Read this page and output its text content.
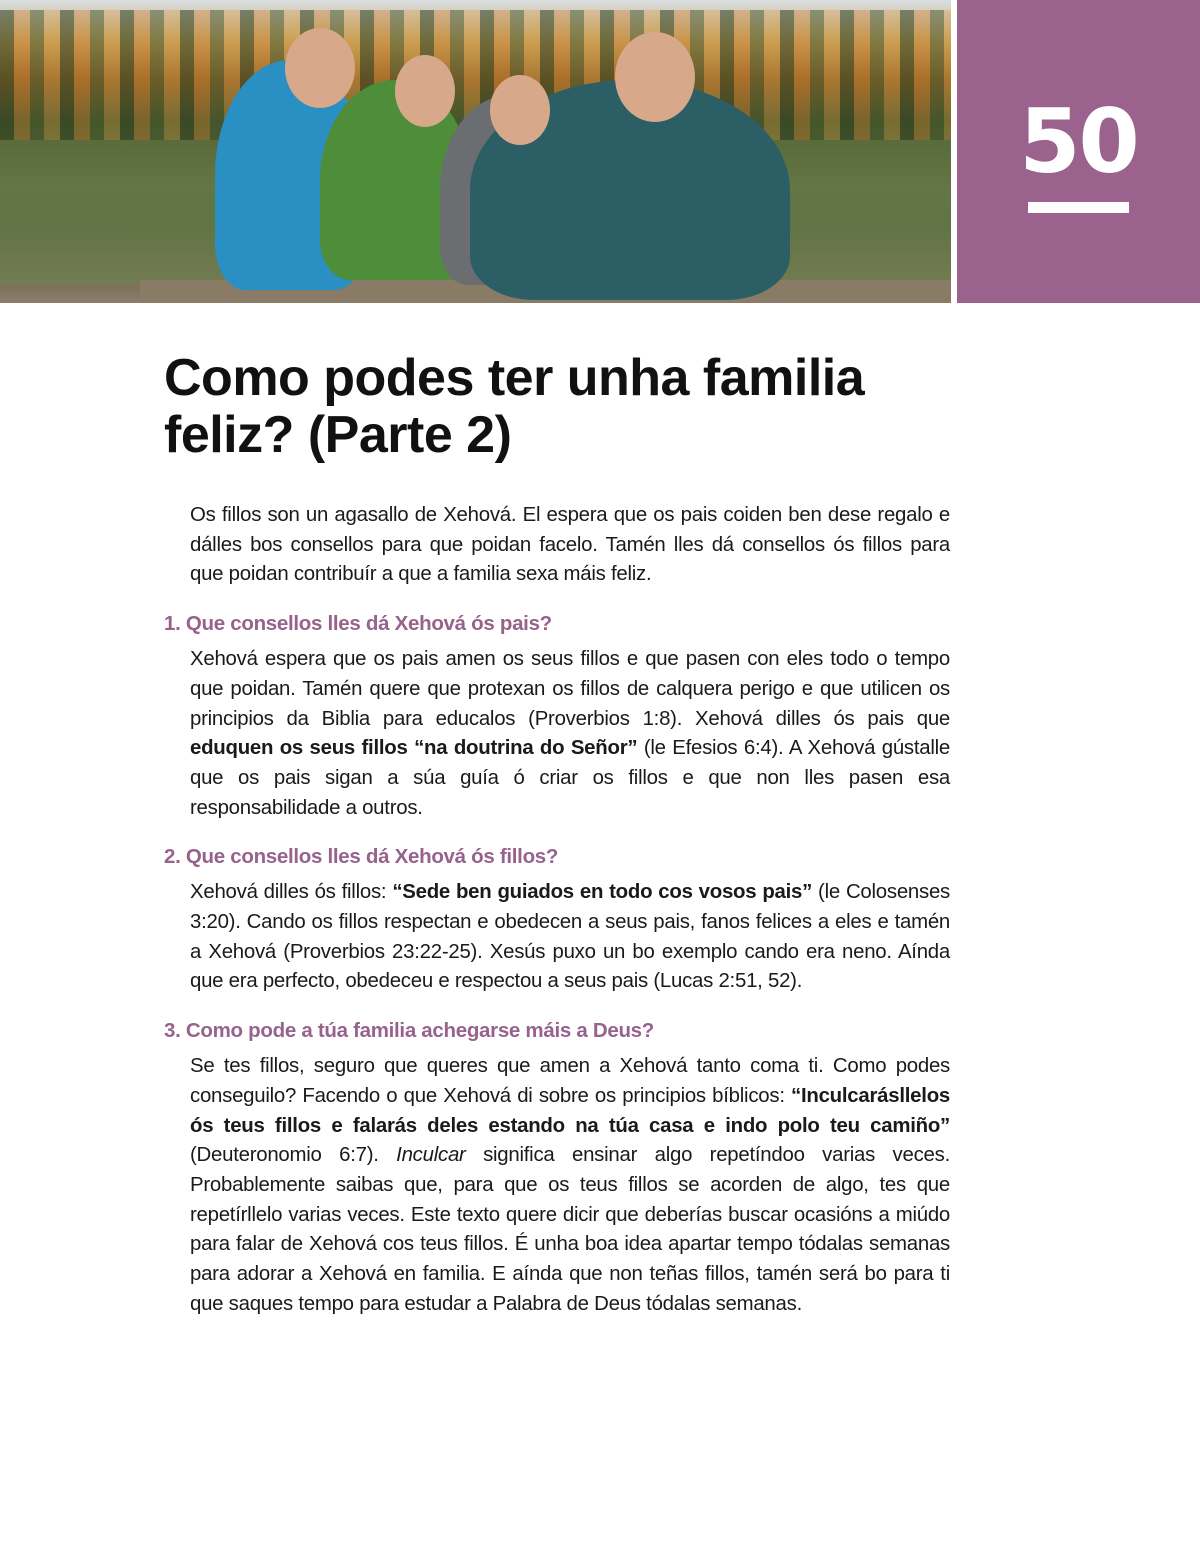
50
Como podes ter unha familia feliz? (Parte 2)

Os fillos son un agasallo de Xehová. El espera que os pais coiden ben dese regalo e dálles bos consellos para que poidan facelo. Tamén lles dá consellos ós fillos para que poidan contribuír a que a familia sexa máis feliz.

1. Que consellos lles dá Xehová ós pais?

Xehová espera que os pais amen os seus fillos e que pasen con eles todo o tempo que poidan. Tamén quere que protexan os fillos de calquera perigo e que utilicen os principios da Biblia para educalos (Proverbios 1:8). Xehová dilles ós pais que eduquen os seus fillos “na doutrina do Señor” (le Efesios 6:4). A Xehová gústalle que os pais sigan a súa guía ó criar os fillos e que non lles pasen esa responsabilidade a outros.

2. Que consellos lles dá Xehová ós fillos?

Xehová dilles ós fillos: “Sede ben guiados en todo cos vosos pais” (le Colosenses 3:20). Cando os fillos respectan e obedecen a seus pais, fanos felices a eles e tamén a Xehová (Proverbios 23:22-25). Xesús puxo un bo exemplo cando era neno. Aínda que era perfecto, obedeceu e respectou a seus pais (Lucas 2:51, 52).

3. Como pode a túa familia achegarse máis a Deus?

Se tes fillos, seguro que queres que amen a Xehová tanto coma ti. Como podes conseguilo? Facendo o que Xehová di sobre os principios bíblicos: “Inculcarásllelos ós teus fillos e falarás deles estando na túa casa e indo polo teu camiño” (Deuteronomio 6:7). Inculcar significa ensinar algo repetíndoo varias veces. Probablemente saibas que, para que os teus fillos se acorden de algo, tes que repetírllelo varias veces. Este texto quere dicir que deberías buscar ocasións a miúdo para falar de Xehová cos teus fillos. É unha boa idea apartar tempo tódalas semanas para adorar a Xehová en familia. E aínda que non teñas fillos, tamén será bo para ti que saques tempo para estudar a Palabra de Deus tódalas semanas.
